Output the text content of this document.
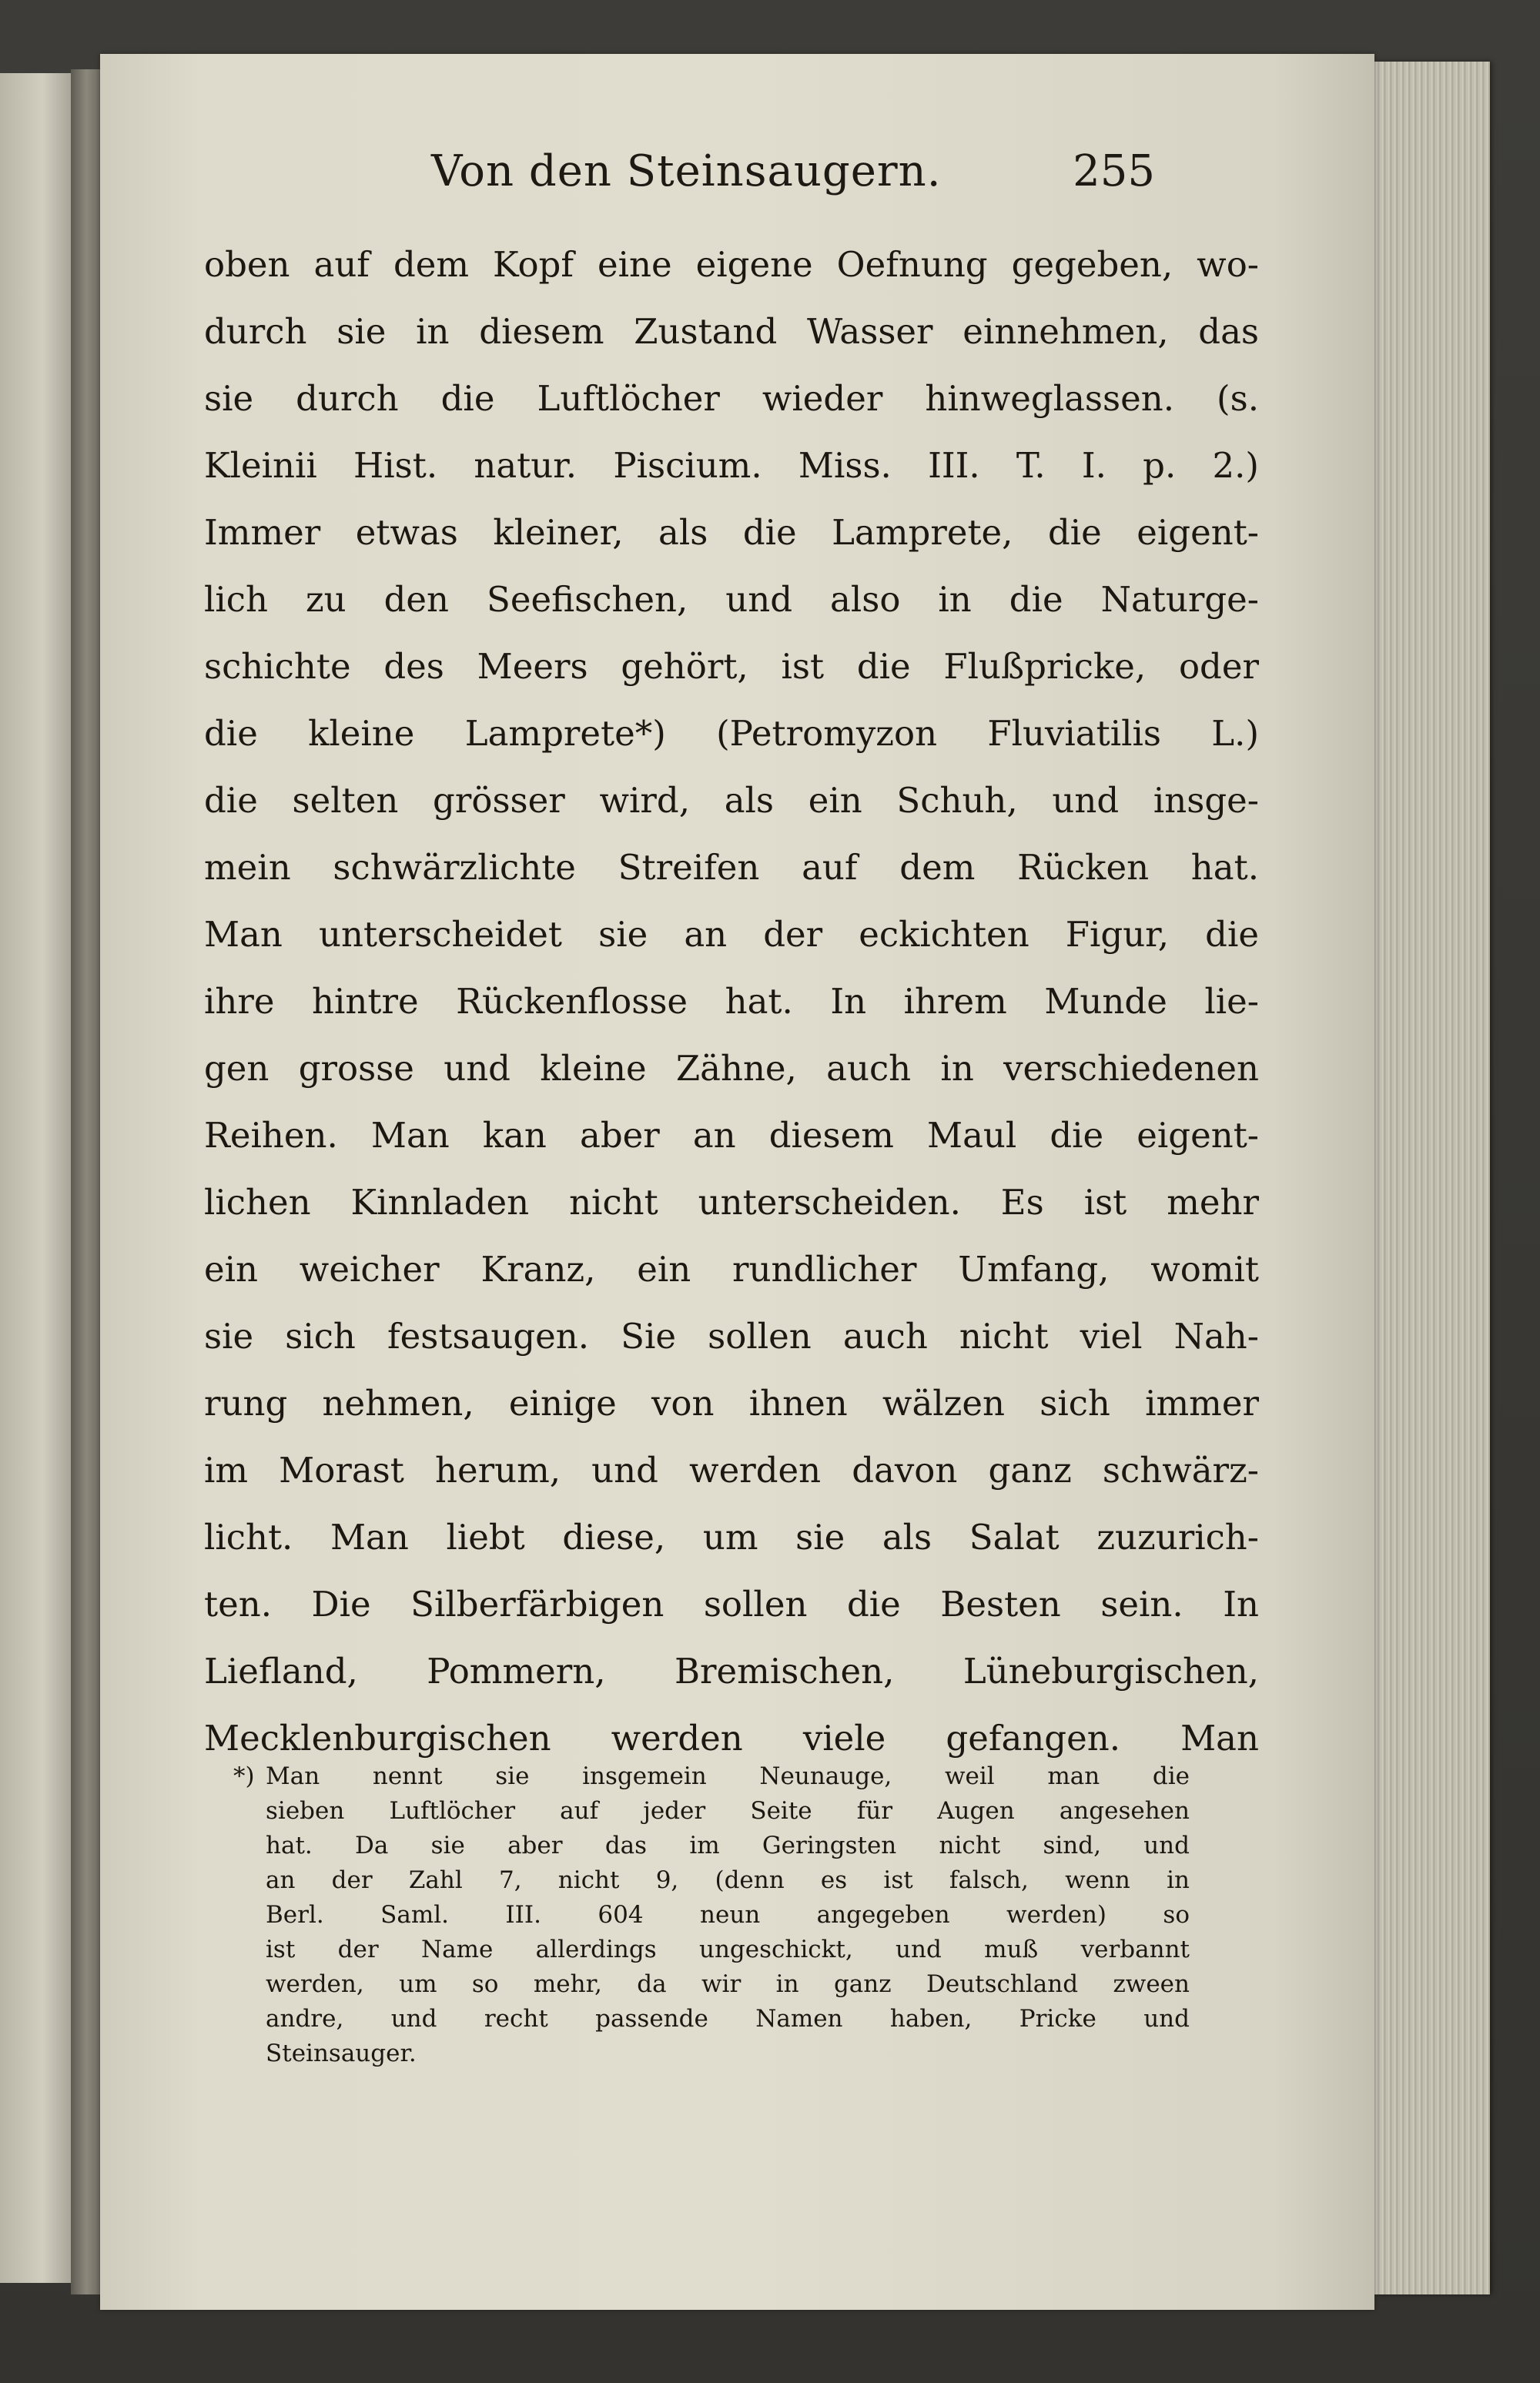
Von den Steinsaugern.	255
oben auf dem Kopf eine eigene Oefnung gegeben, wo-
durch sie in diesem Zustand Wasser einnehmen, das
sie durch die Luftlöcher wieder hinweglassen. (s.
Kleinii Hist. natur. Piscium. Miss. III. T. I. p. 2.)
Immer etwas kleiner, als die Lamprete, die eigent-
lich zu den Seefischen, und also in die Naturge-
schichte des Meers gehört, ist die Flußpricke, oder
die kleine Lamprete*) (Petromyzon Fluviatilis L.)
die selten grösser wird, als ein Schuh, und insge-
mein schwärzlichte Streifen auf dem Rücken hat.
Man unterscheidet sie an der eckichten Figur, die
ihre hintre Rückenflosse hat. In ihrem Munde lie-
gen grosse und kleine Zähne, auch in verschiedenen
Reihen. Man kan aber an diesem Maul die eigent-
lichen Kinnladen nicht unterscheiden. Es ist mehr
ein weicher Kranz, ein rundlicher Umfang, womit
sie sich festsaugen. Sie sollen auch nicht viel Nah-
rung nehmen, einige von ihnen wälzen sich immer
im Morast herum, und werden davon ganz schwärz-
licht. Man liebt diese, um sie als Salat zuzurich-
ten. Die Silberfärbigen sollen die Besten sein. In
Liefland, Pommern, Bremischen, Lüneburgischen,
Mecklenburgischen werden viele gefangen. Man
*) Man nennt sie insgemein Neunauge, weil man die
sieben Luftlöcher auf jeder Seite für Augen angesehen
hat. Da sie aber das im Geringsten nicht sind, und
an der Zahl 7, nicht 9, (denn es ist falsch, wenn in
Berl. Saml. III. 604 neun angegeben werden) so
ist der Name allerdings ungeschickt, und muß verbannt
werden, um so mehr, da wir in ganz Deutschland zween
andre, und recht passende Namen haben, Pricke und
Steinsauger.
